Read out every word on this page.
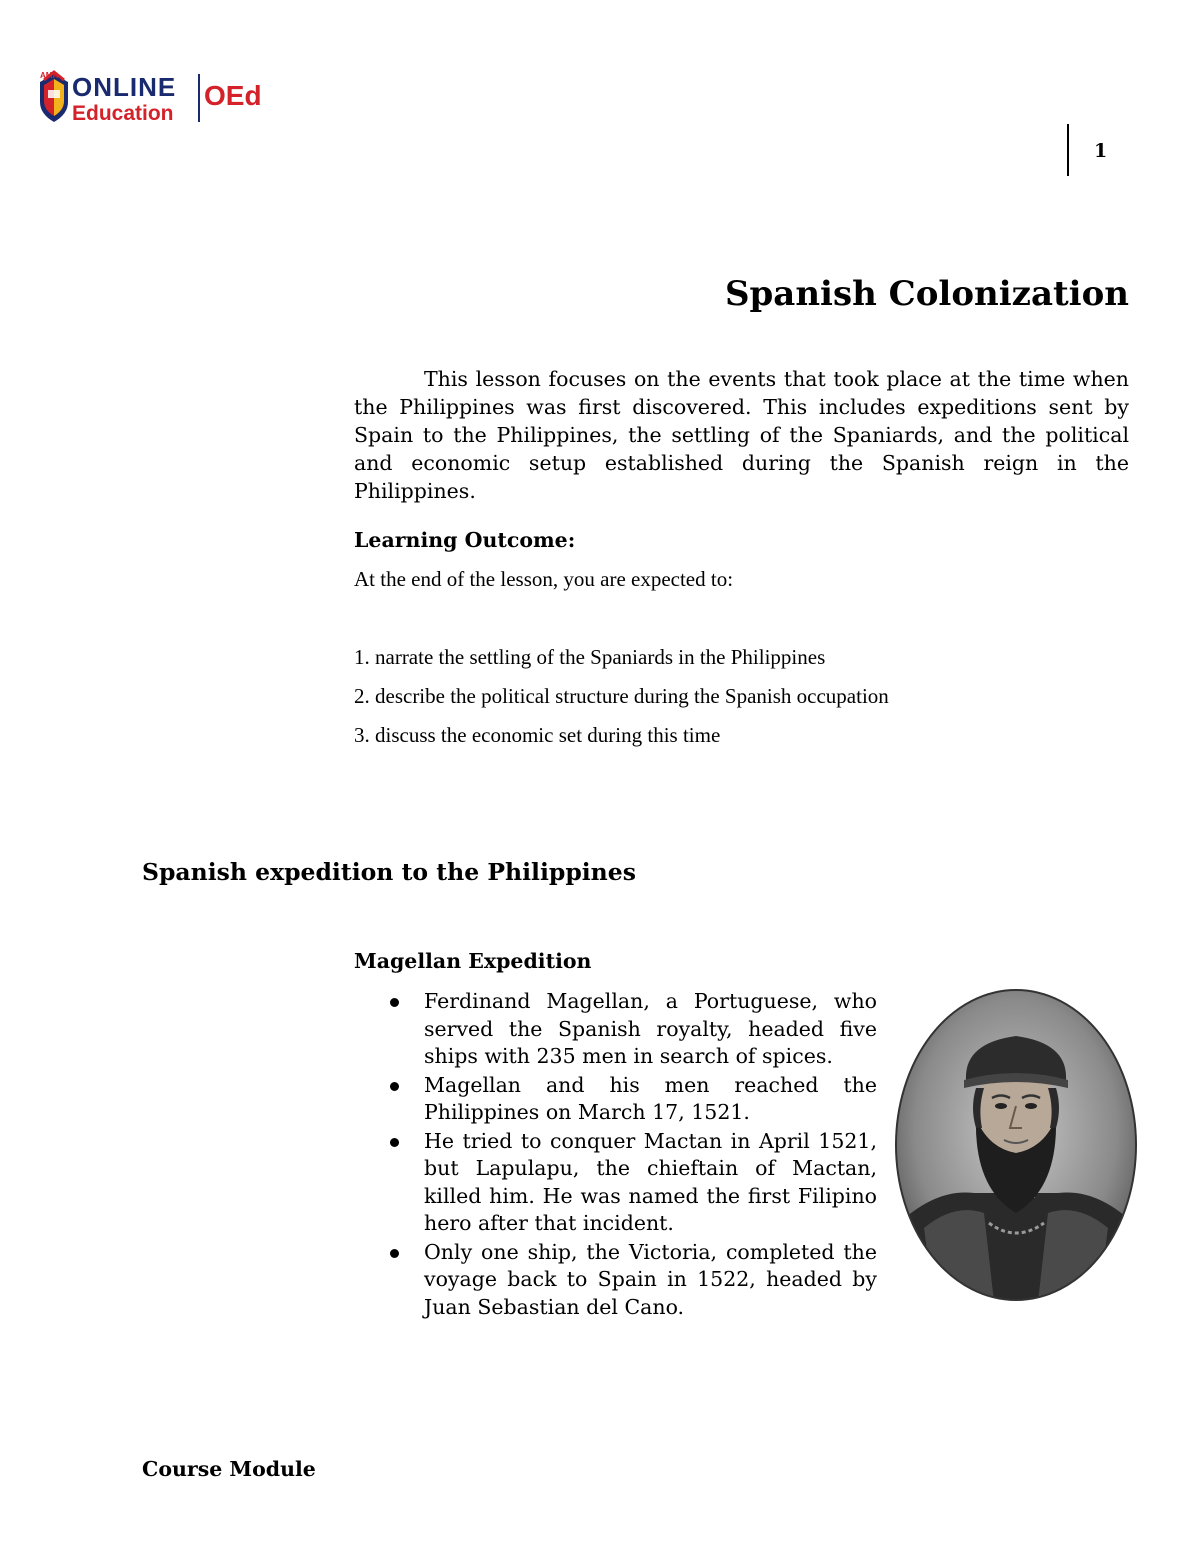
AMA ONLINE
Education
OEd
1
Spanish Colonization

This lesson focuses on the events that took place at the time when the Philippines was first discovered. This includes expeditions sent by Spain to the Philippines, the settling of the Spaniards, and the political and economic setup established during the Spanish reign in the Philippines.

Learning Outcome:
At the end of the lesson, you are expected to:
1. narrate the settling of the Spaniards in the Philippines
2. describe the political structure during the Spanish occupation
3. discuss the economic set during this time
Spanish expedition to the Philippines
Magellan Expedition
Ferdinand Magellan, a Portuguese, who served the Spanish royalty, headed five ships with 235 men in search of spices.
Magellan and his men reached the Philippines on March 17, 1521.
He tried to conquer Mactan in April 1521, but Lapulapu, the chieftain of Mactan, killed him. He was named the first Filipino hero after that incident.
Only one ship, the Victoria, completed the voyage back to Spain in 1522, headed by Juan Sebastian del Cano.
Course Module
